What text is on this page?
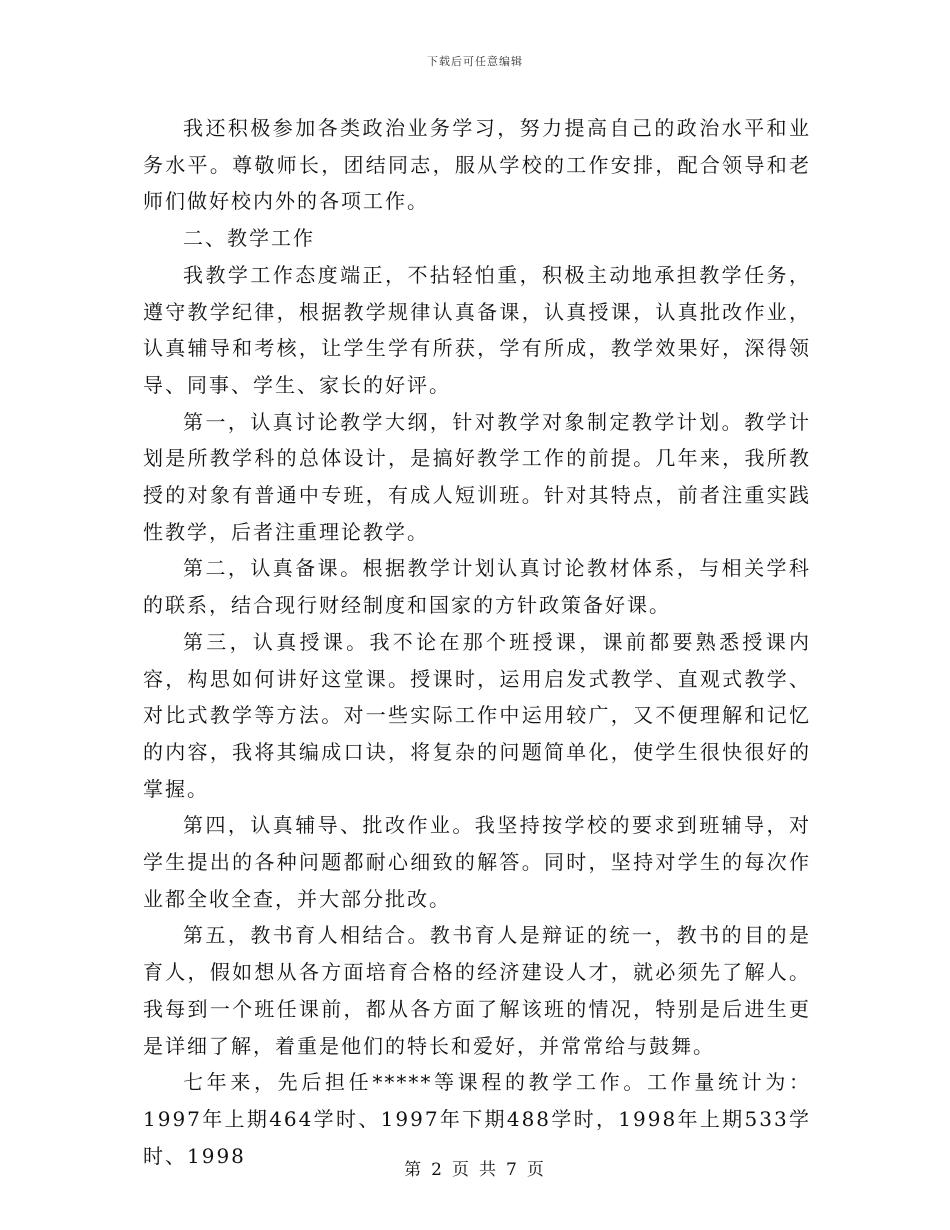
下载后可任意编辑

我还积极参加各类政治业务学习，努力提高自己的政治水平和业务水平。尊敬师长，团结同志，服从学校的工作安排，配合领导和老师们做好校内外的各项工作。

二、教学工作

我教学工作态度端正，不拈轻怕重，积极主动地承担教学任务，遵守教学纪律，根据教学规律认真备课，认真授课，认真批改作业，认真辅导和考核，让学生学有所获，学有所成，教学效果好，深得领导、同事、学生、家长的好评。

第一，认真讨论教学大纲，针对教学对象制定教学计划。教学计划是所教学科的总体设计，是搞好教学工作的前提。几年来，我所教授的对象有普通中专班，有成人短训班。针对其特点，前者注重实践性教学，后者注重理论教学。

第二，认真备课。根据教学计划认真讨论教材体系，与相关学科的联系，结合现行财经制度和国家的方针政策备好课。

第三，认真授课。我不论在那个班授课，课前都要熟悉授课内容，构思如何讲好这堂课。授课时，运用启发式教学、直观式教学、对比式教学等方法。对一些实际工作中运用较广，又不便理解和记忆的内容，我将其编成口诀，将复杂的问题简单化，使学生很快很好的掌握。

第四，认真辅导、批改作业。我坚持按学校的要求到班辅导，对学生提出的各种问题都耐心细致的解答。同时，坚持对学生的每次作业都全收全查，并大部分批改。

第五，教书育人相结合。教书育人是辩证的统一，教书的目的是育人，假如想从各方面培育合格的经济建设人才，就必须先了解人。我每到一个班任课前，都从各方面了解该班的情况，特别是后进生更是详细了解，着重是他们的特长和爱好，并常常给与鼓舞。

七年来，先后担任*****等课程的教学工作。工作量统计为：1997年上期464学时、1997年下期488学时，1998年上期533学时、1998

第 2 页 共 7 页
